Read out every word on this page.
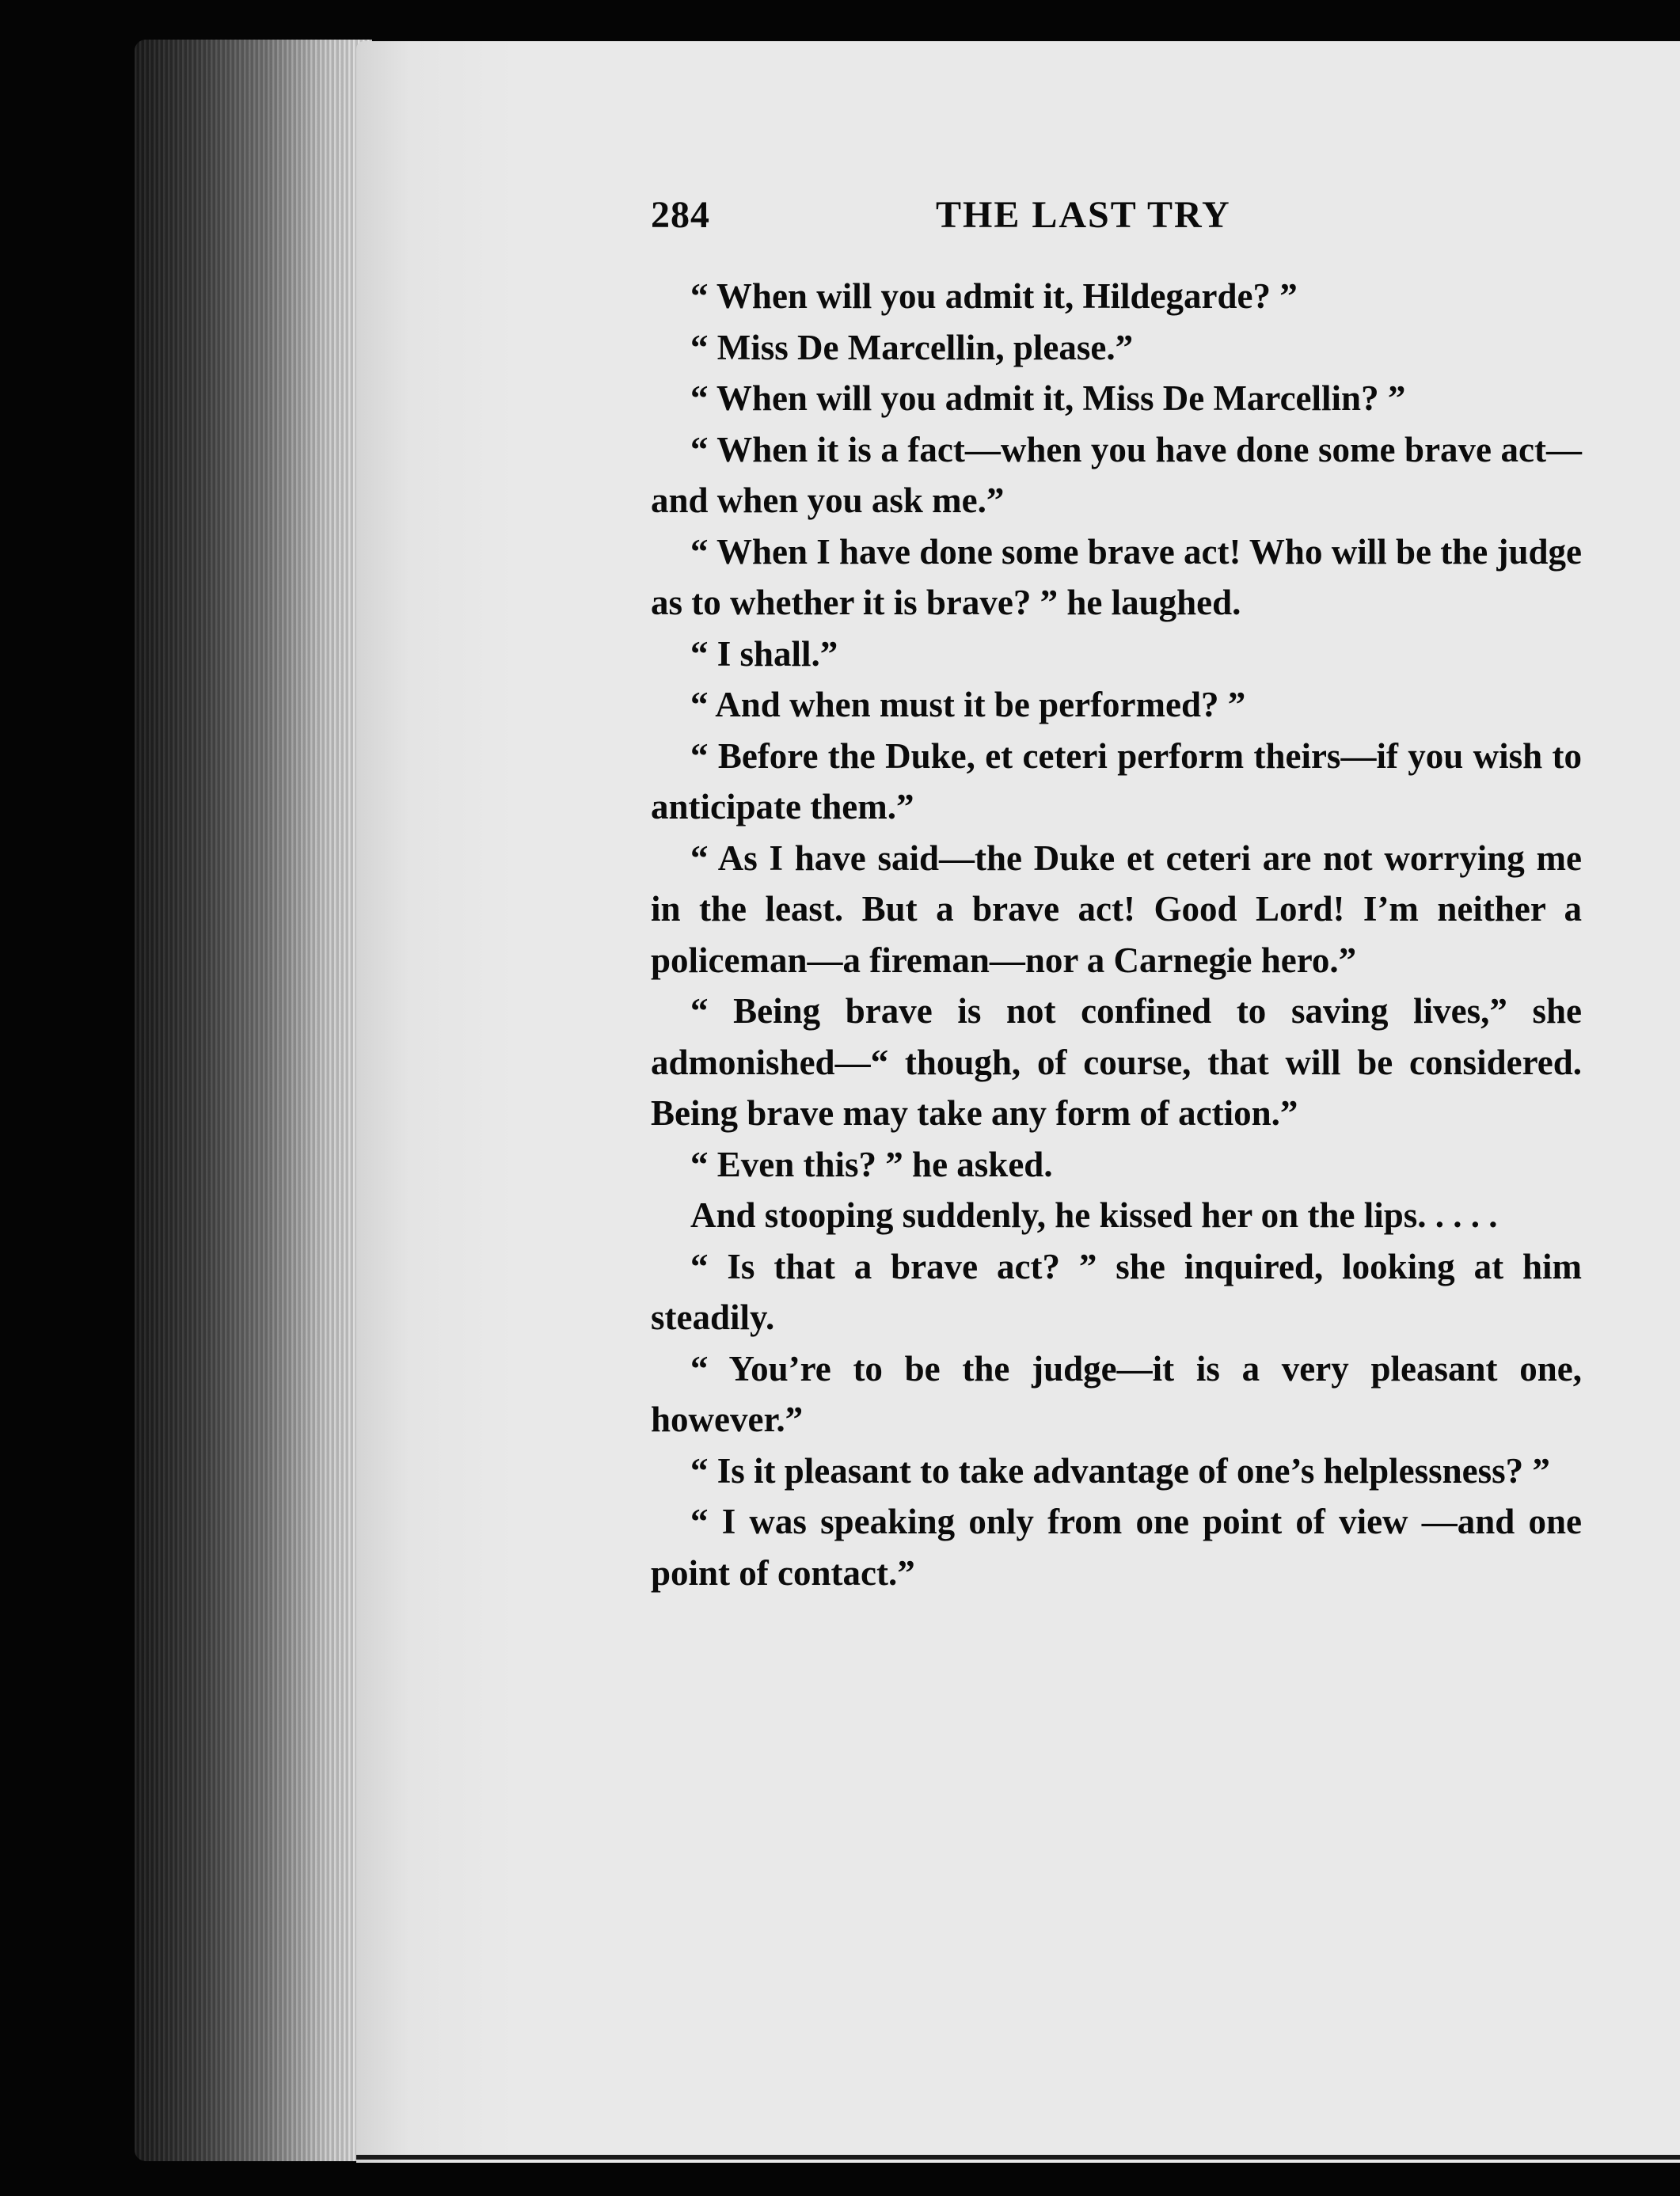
284	THE LAST TRY

“ When will you admit it, Hildegarde? ”

“ Miss De Marcellin, please.”

“ When will you admit it, Miss De Marcellin? ”

“ When it is a fact—when you have done some brave act—and when you ask me.”

“ When I have done some brave act! Who will be the judge as to whether it is brave? ” he laughed.

“ I shall.”

“ And when must it be performed? ”

“ Before the Duke, et ceteri perform theirs—if you wish to anticipate them.”

“ As I have said—the Duke et ceteri are not worrying me in the least. But a brave act! Good Lord! I’m neither a policeman—a fireman—nor a Carnegie hero.”

“ Being brave is not confined to saving lives,” she admonished—“ though, of course, that will be considered. Being brave may take any form of action.”

“ Even this? ” he asked.

And stooping suddenly, he kissed her on the lips. . . . .

“ Is that a brave act? ” she inquired, looking at him steadily.

“ You’re to be the judge—it is a very pleasant one, however.”

“ Is it pleasant to take advantage of one’s helplessness? ”

“ I was speaking only from one point of view —and one point of contact.”
